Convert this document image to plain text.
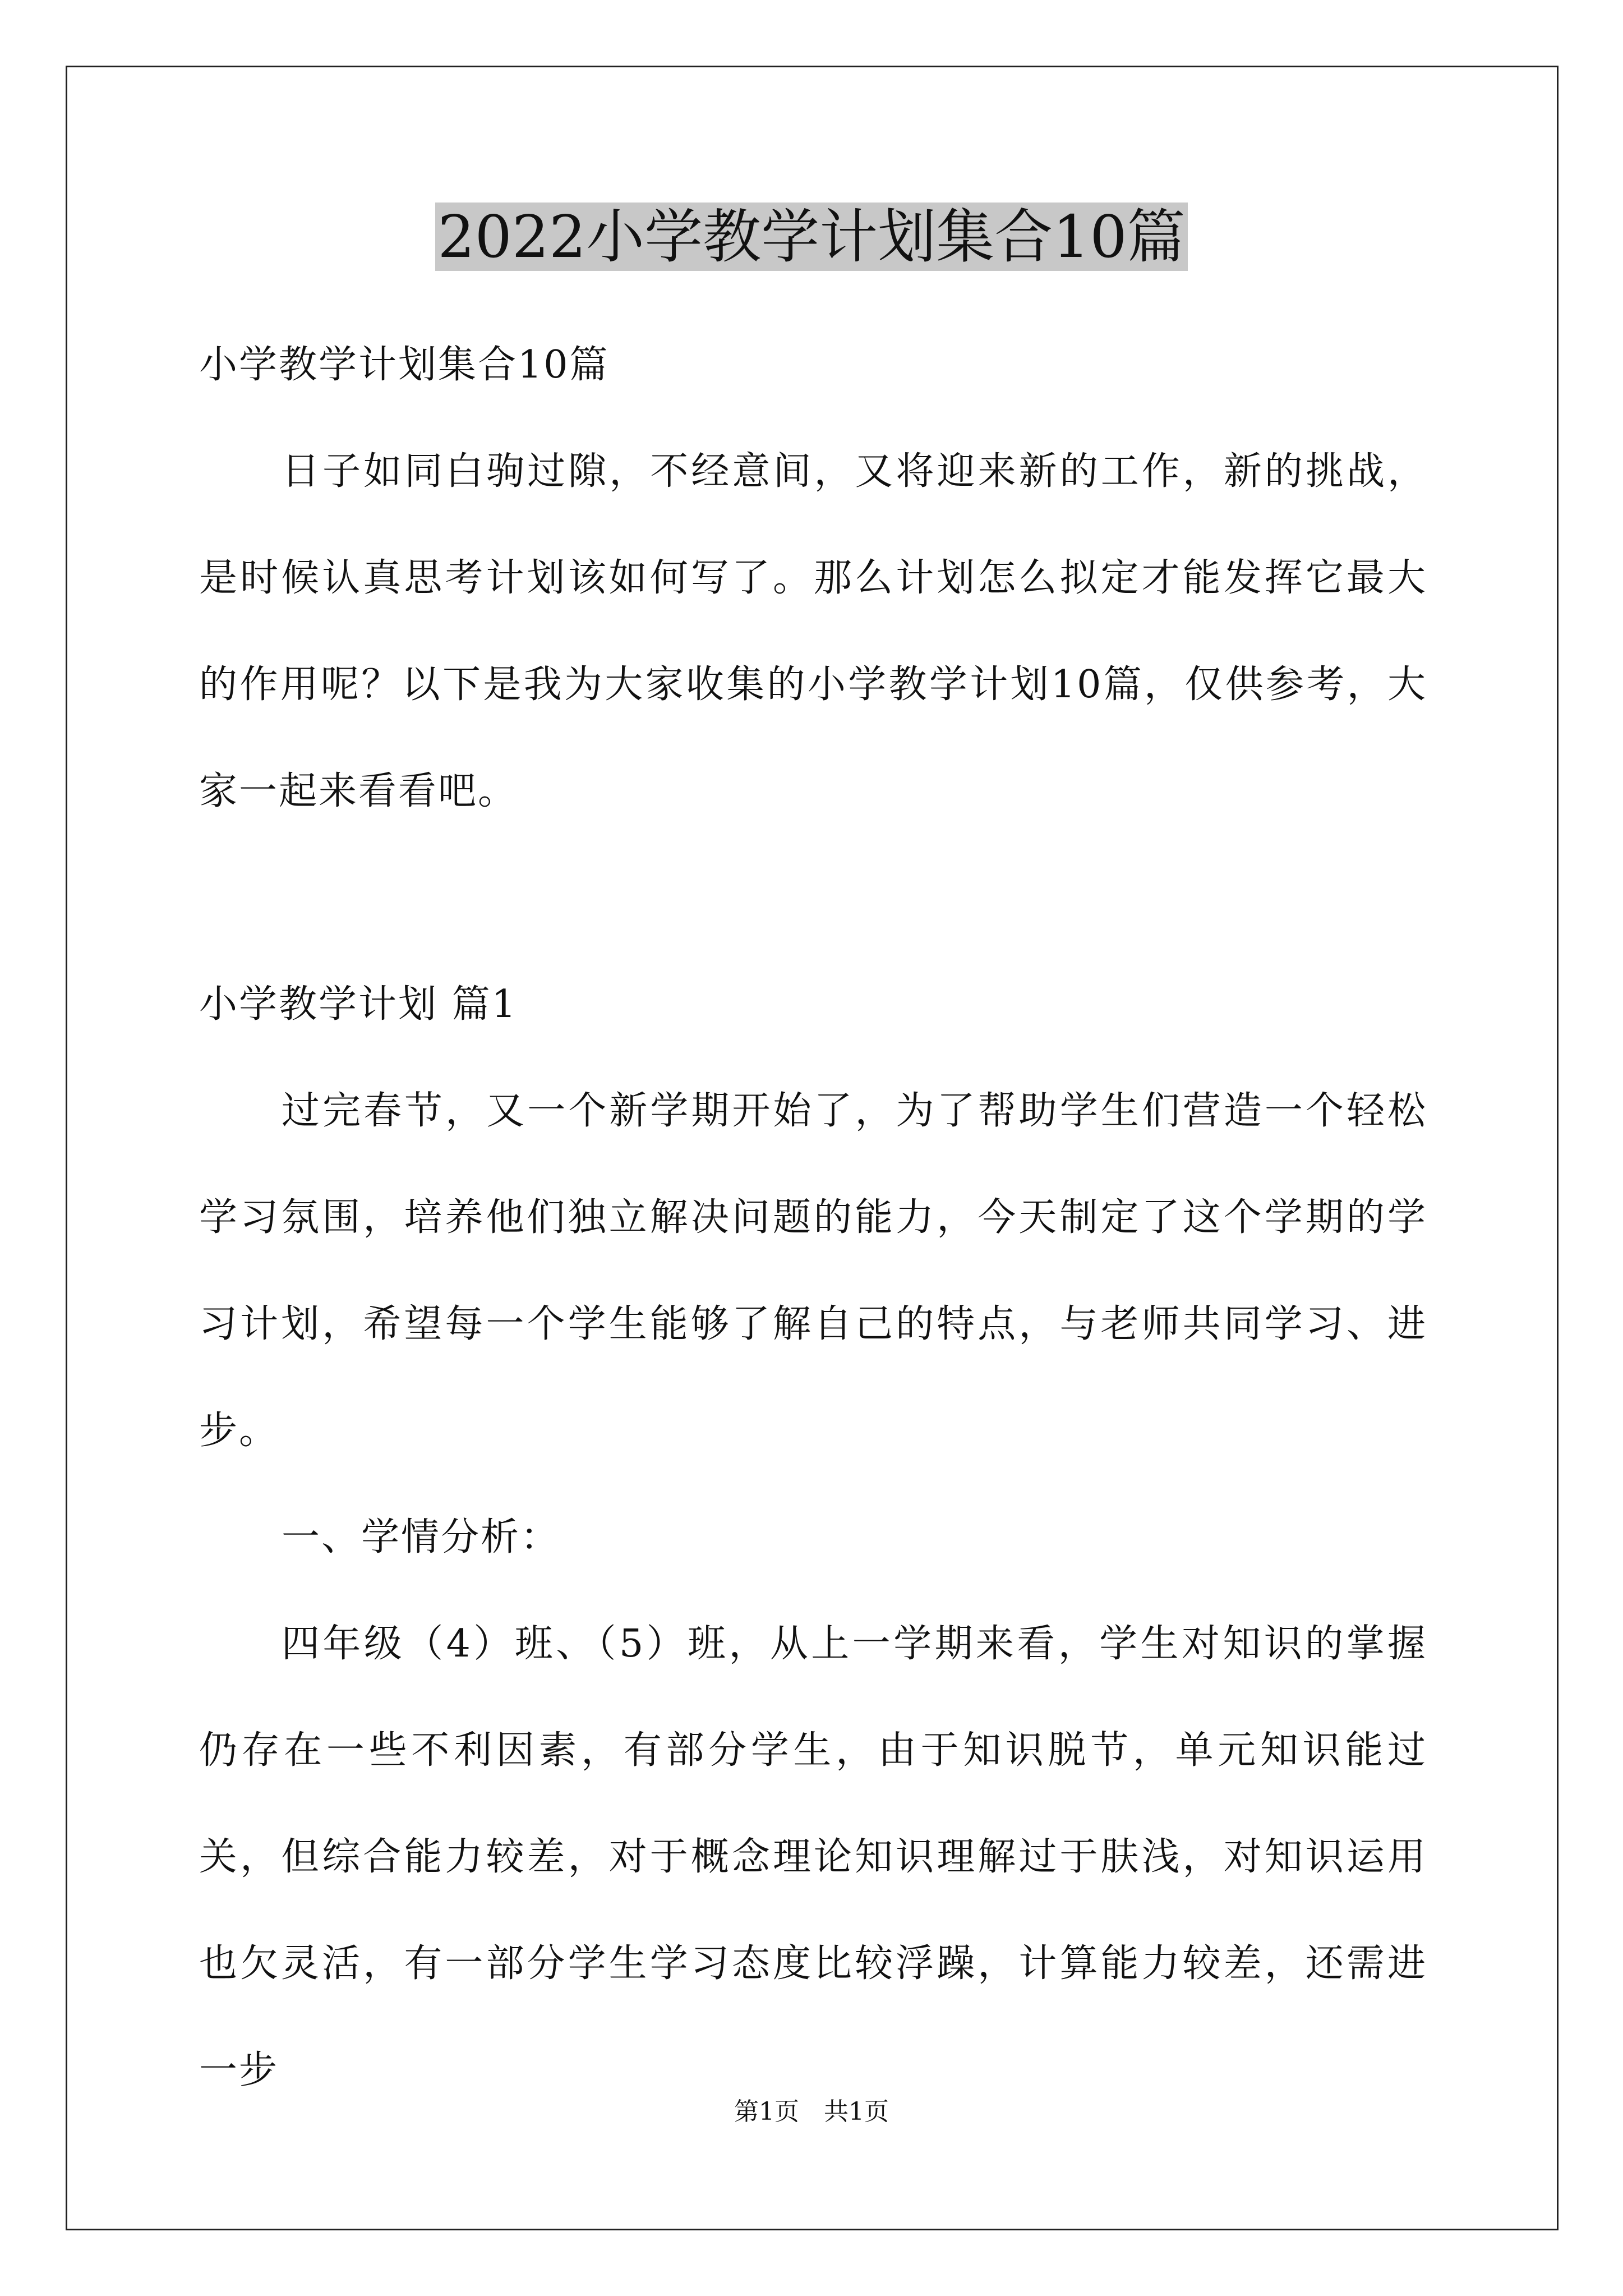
2022小学教学计划集合10篇
小学教学计划集合10篇

日子如同白驹过隙，不经意间，又将迎来新的工作，新的挑战，是时候认真思考计划该如何写了。那么计划怎么拟定才能发挥它最大的作用呢？以下是我为大家收集的小学教学计划10篇，仅供参考，大家一起来看看吧。

小学教学计划 篇1

过完春节，又一个新学期开始了，为了帮助学生们营造一个轻松学习氛围，培养他们独立解决问题的能力，今天制定了这个学期的学习计划，希望每一个学生能够了解自己的特点，与老师共同学习、进步。

一、学情分析：

四年级（4）班、（5）班，从上一学期来看，学生对知识的掌握仍存在一些不利因素，有部分学生，由于知识脱节，单元知识能过关，但综合能力较差，对于概念理论知识理解过于肤浅，对知识运用也欠灵活，有一部分学生学习态度比较浮躁，计算能力较差，还需进一步

第1页　共1页
